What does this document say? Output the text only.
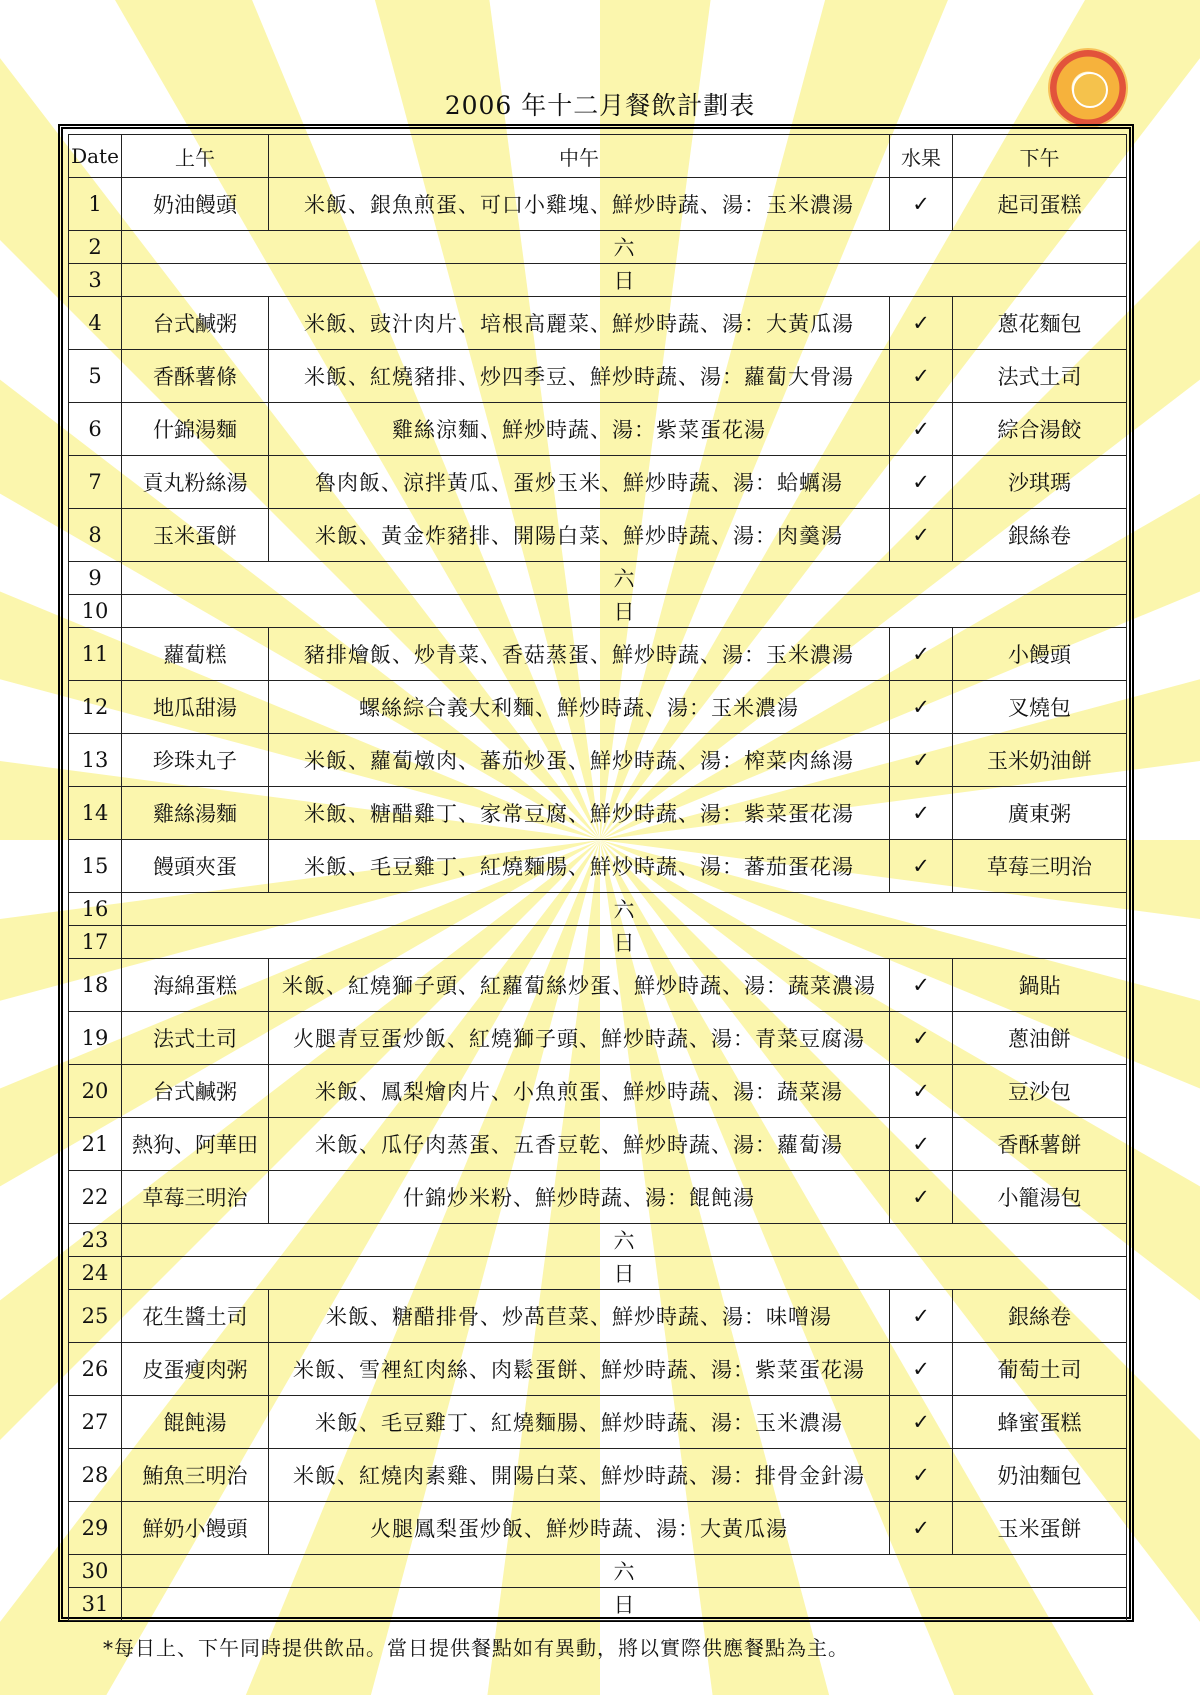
2006 年十二月餐飲計劃表
Date	上午	中午	水果	下午
1	奶油饅頭	米飯、銀魚煎蛋、可口小雞塊、鮮炒時蔬、湯：玉米濃湯	✓	起司蛋糕
2	六			
3	日			
4	台式鹹粥	米飯、豉汁肉片、培根高麗菜、鮮炒時蔬、湯：大黃瓜湯	✓	蔥花麵包
5	香酥薯條	米飯、紅燒豬排、炒四季豆、鮮炒時蔬、湯：蘿蔔大骨湯	✓	法式土司
6	什錦湯麵	雞絲涼麵、鮮炒時蔬、湯：紫菜蛋花湯	✓	綜合湯餃
7	貢丸粉絲湯	魯肉飯、涼拌黃瓜、蛋炒玉米、鮮炒時蔬、湯：蛤蠣湯	✓	沙琪瑪
8	玉米蛋餅	米飯、黃金炸豬排、開陽白菜、鮮炒時蔬、湯：肉羹湯	✓	銀絲卷
9	六			
10	日			
11	蘿蔔糕	豬排燴飯、炒青菜、香菇蒸蛋、鮮炒時蔬、湯：玉米濃湯	✓	小饅頭
12	地瓜甜湯	螺絲綜合義大利麵、鮮炒時蔬、湯：玉米濃湯	✓	叉燒包
13	珍珠丸子	米飯、蘿蔔燉肉、蕃茄炒蛋、鮮炒時蔬、湯：榨菜肉絲湯	✓	玉米奶油餅
14	雞絲湯麵	米飯、糖醋雞丁、家常豆腐、鮮炒時蔬、湯：紫菜蛋花湯	✓	廣東粥
15	饅頭夾蛋	米飯、毛豆雞丁、紅燒麵腸、鮮炒時蔬、湯：蕃茄蛋花湯	✓	草莓三明治
16	六			
17	日			
18	海綿蛋糕	米飯、紅燒獅子頭、紅蘿蔔絲炒蛋、鮮炒時蔬、湯：蔬菜濃湯	✓	鍋貼
19	法式土司	火腿青豆蛋炒飯、紅燒獅子頭、鮮炒時蔬、湯：青菜豆腐湯	✓	蔥油餅
20	台式鹹粥	米飯、鳳梨燴肉片、小魚煎蛋、鮮炒時蔬、湯：蔬菜湯	✓	豆沙包
21	熱狗、阿華田	米飯、瓜仔肉蒸蛋、五香豆乾、鮮炒時蔬、湯：蘿蔔湯	✓	香酥薯餅
22	草莓三明治	什錦炒米粉、鮮炒時蔬、湯：餛飩湯	✓	小籠湯包
23	六			
24	日			
25	花生醬土司	米飯、糖醋排骨、炒萵苣菜、鮮炒時蔬、湯：味噌湯	✓	銀絲卷
26	皮蛋瘦肉粥	米飯、雪裡紅肉絲、肉鬆蛋餅、鮮炒時蔬、湯：紫菜蛋花湯	✓	葡萄土司
27	餛飩湯	米飯、毛豆雞丁、紅燒麵腸、鮮炒時蔬、湯：玉米濃湯	✓	蜂蜜蛋糕
28	鮪魚三明治	米飯、紅燒肉素雞、開陽白菜、鮮炒時蔬、湯：排骨金針湯	✓	奶油麵包
29	鮮奶小饅頭	火腿鳳梨蛋炒飯、鮮炒時蔬、湯：大黃瓜湯	✓	玉米蛋餅
30	六			
31	日			
*每日上、下午同時提供飲品。當日提供餐點如有異動，將以實際供應餐點為主。
